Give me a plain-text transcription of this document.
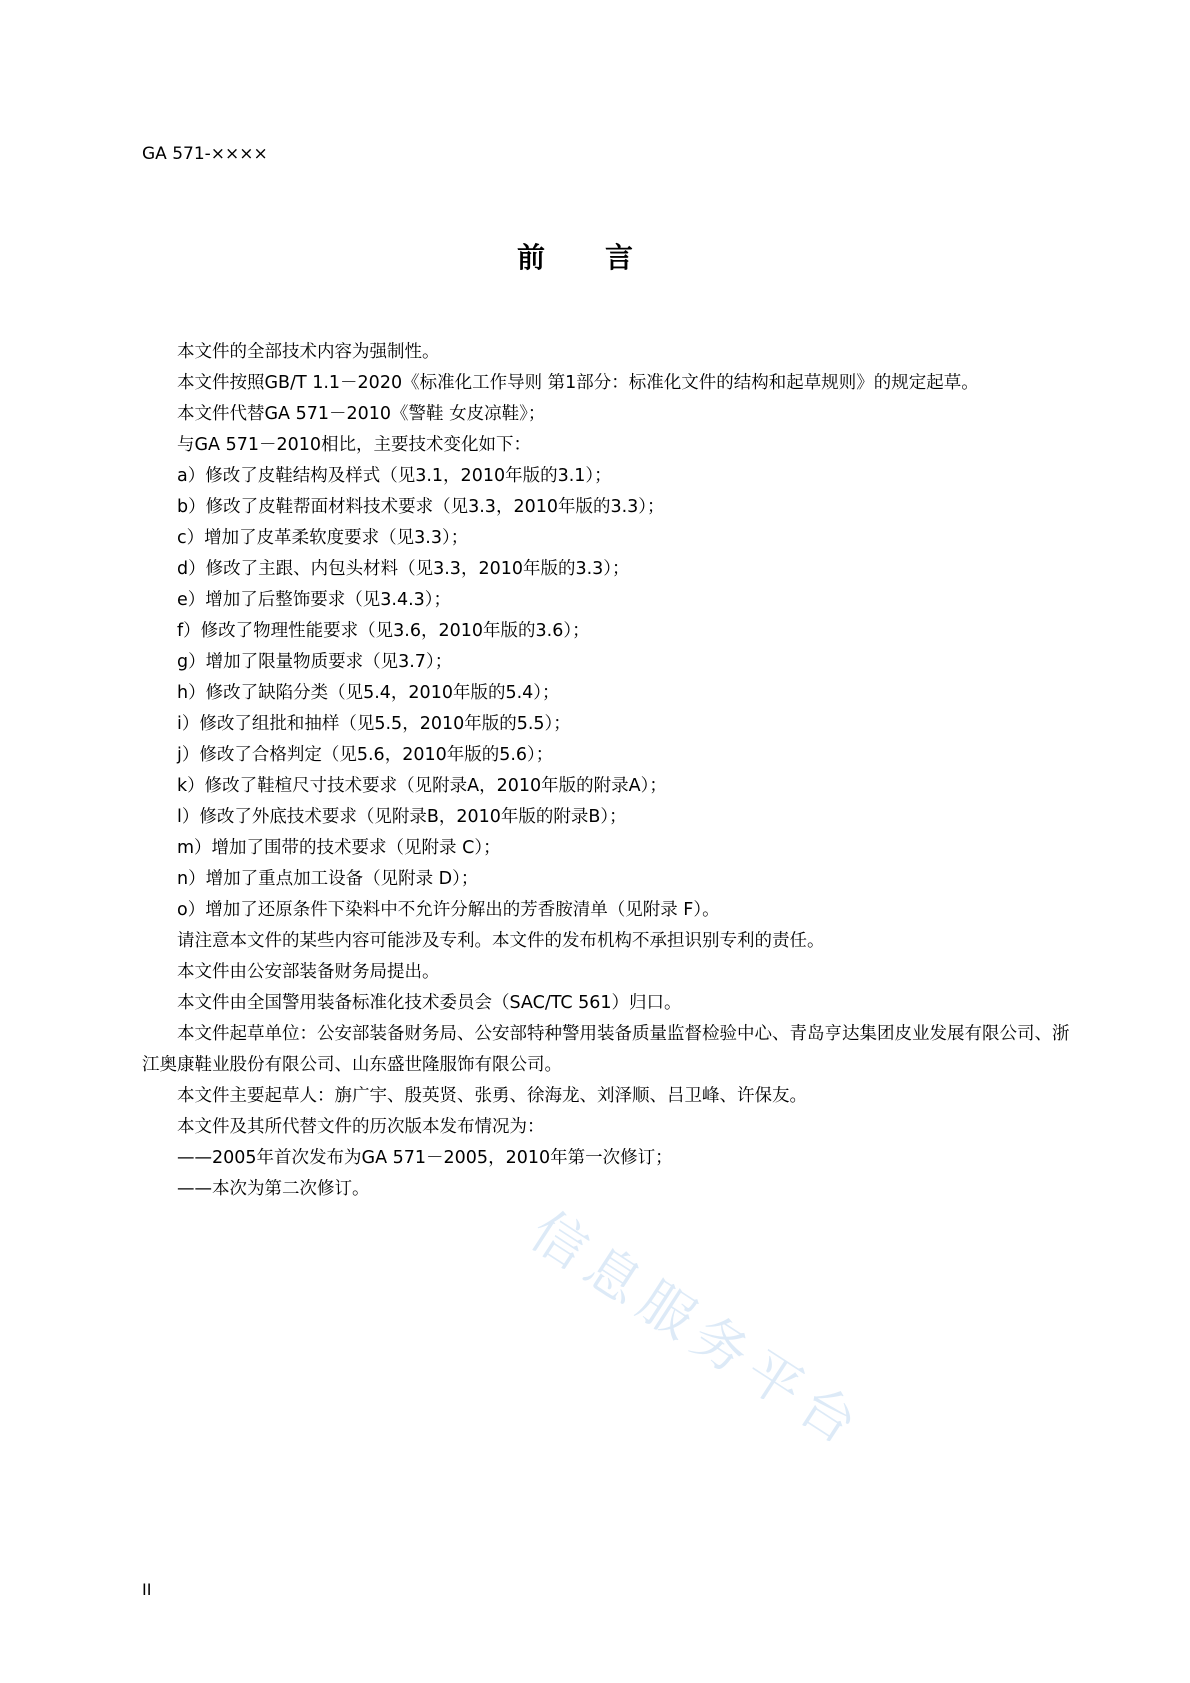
GA 571-××××
前言

本文件的全部技术内容为强制性。

本文件按照GB/T 1.1－2020《标准化工作导则 第1部分：标准化文件的结构和起草规则》的规定起草。

本文件代替GA 571－2010《警鞋 女皮凉鞋》；

与GA 571－2010相比，主要技术变化如下：

a）修改了皮鞋结构及样式（见3.1，2010年版的3.1）；

b）修改了皮鞋帮面材料技术要求（见3.3，2010年版的3.3）；

c）增加了皮革柔软度要求（见3.3）；

d）修改了主跟、内包头材料（见3.3，2010年版的3.3）；

e）增加了后整饰要求（见3.4.3）；

f）修改了物理性能要求（见3.6，2010年版的3.6）；

g）增加了限量物质要求（见3.7）；

h）修改了缺陷分类（见5.4，2010年版的5.4）；

i）修改了组批和抽样（见5.5，2010年版的5.5）；

j）修改了合格判定（见5.6，2010年版的5.6）；

k）修改了鞋楦尺寸技术要求（见附录A，2010年版的附录A）；

l）修改了外底技术要求（见附录B，2010年版的附录B）；

m）增加了围带的技术要求（见附录 C）；

n）增加了重点加工设备（见附录 D）；

o）增加了还原条件下染料中不允许分解出的芳香胺清单（见附录 F）。

请注意本文件的某些内容可能涉及专利。本文件的发布机构不承担识别专利的责任。

本文件由公安部装备财务局提出。

本文件由全国警用装备标准化技术委员会（SAC/TC 561）归口。

本文件起草单位：公安部装备财务局、公安部特种警用装备质量监督检验中心、青岛亨达集团皮业发展有限公司、浙江奥康鞋业股份有限公司、山东盛世隆服饰有限公司。

本文件主要起草人：旃广宇、殷英贤、张勇、徐海龙、刘泽顺、吕卫峰、许保友。

本文件及其所代替文件的历次版本发布情况为：

——2005年首次发布为GA 571－2005，2010年第一次修订；

——本次为第二次修订。

信息服务平台
II
